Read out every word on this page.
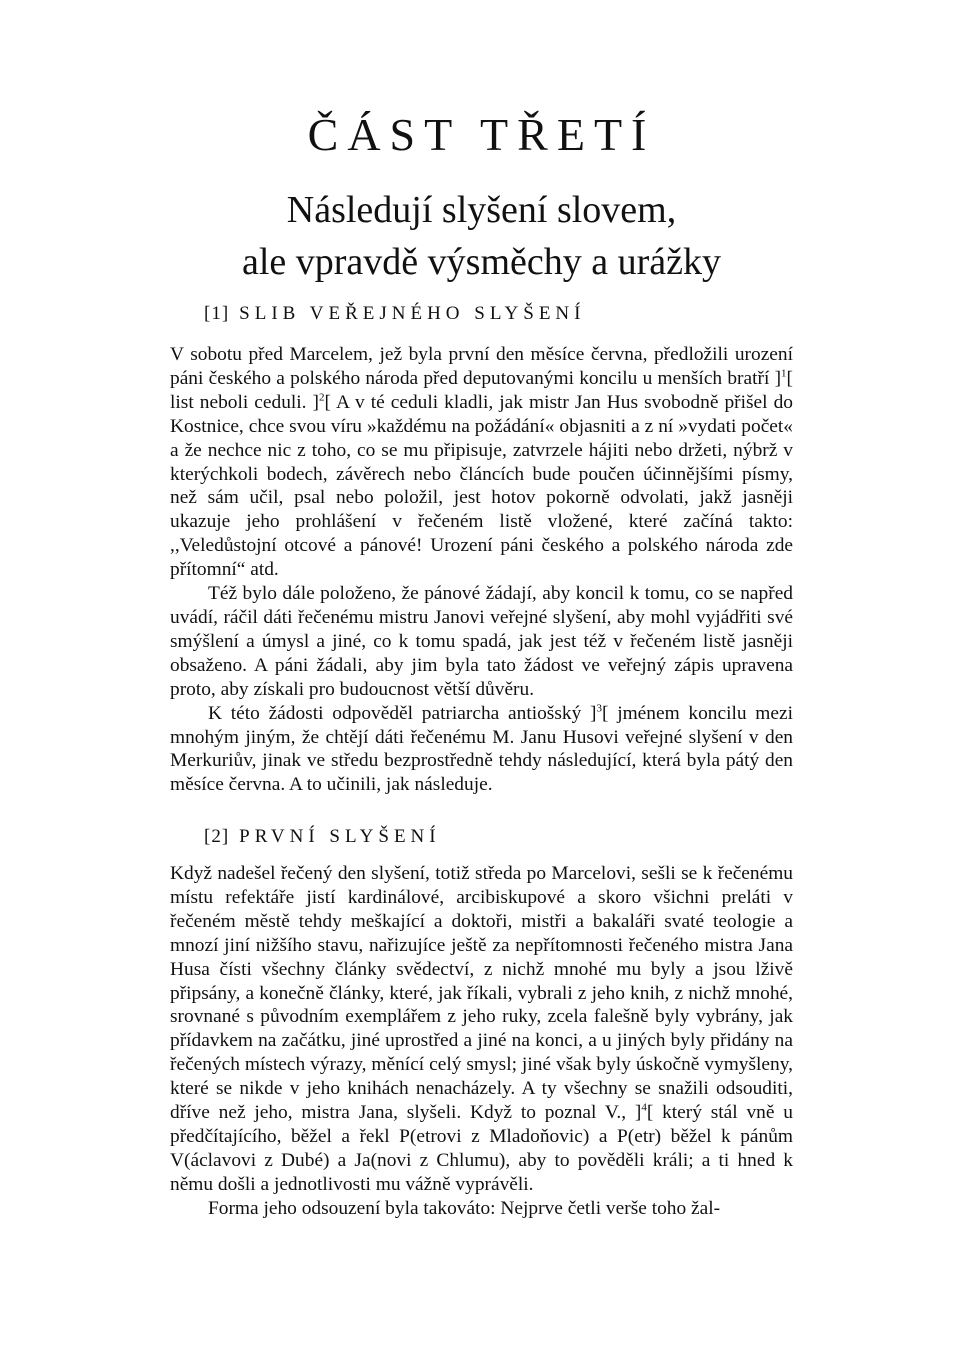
ČÁST TŘETÍ
Následují slyšení slovem,
ale vpravdě výsměchy a urážky
[1] SLIB VEŘEJNÉHO SLYŠENÍ

V sobotu před Marcelem, jež byla první den měsíce června, předložili urození páni českého a polského národa před deputovanými koncilu u menších bratří ]$^1$[ list neboli ceduli. ]$^2$[ A v té ceduli kladli, jak mistr Jan Hus svobodně přišel do Kostnice, chce svou víru »každému na požádání« objasniti a z ní »vydati počet« a že nechce nic z toho, co se mu připisuje, zatvrzele hájiti nebo držeti, nýbrž v kterýchkoli bodech, závěrech nebo článcích bude poučen účinnějšími písmy, než sám učil, psal nebo položil, jest hotov pokorně odvolati, jakž jasněji ukazuje jeho prohlášení v řečeném listě vložené, které začíná takto: ,,Veledůstojní otcové a pánové! Urození páni českého a polského národa zde přítomní“ atd.

Též bylo dále položeno, že pánové žádají, aby koncil k tomu, co se napřed uvádí, ráčil dáti řečenému mistru Janovi veřejné slyšení, aby mohl vyjádřiti své smýšlení a úmysl a jiné, co k tomu spadá, jak jest též v řečeném listě jasněji obsaženo. A páni žádali, aby jim byla tato žádost ve veřejný zápis upravena proto, aby získali pro budoucnost větší důvěru.

K této žádosti odpověděl patriarcha antiošský ]$^3$[ jménem koncilu mezi mnohým jiným, že chtějí dáti řečenému M. Janu Husovi veřejné slyšení v den Merkuriův, jinak ve středu bezprostředně tehdy následující, která byla pátý den měsíce června. A to učinili, jak následuje.

[2] PRVNÍ SLYŠENÍ

Když nadešel řečený den slyšení, totiž středa po Marcelovi, sešli se k řečenému místu refektáře jistí kardinálové, arcibiskupové a skoro všichni preláti v řečeném městě tehdy meškající a doktoři, mistři a bakaláři svaté teologie a mnozí jiní nižšího stavu, nařizujíce ještě za nepřítomnosti řečeného mistra Jana Husa čísti všechny články svědectví, z nichž mnohé mu byly a jsou lživě připsány, a konečně články, které, jak říkali, vybrali z jeho knih, z nichž mnohé, srovnané s původním exemplářem z jeho ruky, zcela falešně byly vybrány, jak přídavkem na začátku, jiné uprostřed a jiné na konci, a u jiných byly přidány na řečených místech výrazy, měnící celý smysl; jiné však byly úskočně vymyšleny, které se nikde v jeho knihách nenacházely. A ty všechny se snažili odsouditi, dříve než jeho, mistra Jana, slyšeli. Když to poznal V., ]$^4$[ který stál vně u předčítajícího, běžel a řekl P(etrovi z Mladoňovic) a P(etr) běžel k pánům V(áclavovi z Dubé) a Ja(novi z Chlumu), aby to pověděli králi; a ti hned k němu došli a jednotlivosti mu vážně vyprávěli.

Forma jeho odsouzení byla takováto: Nejprve četli verše toho žal-
